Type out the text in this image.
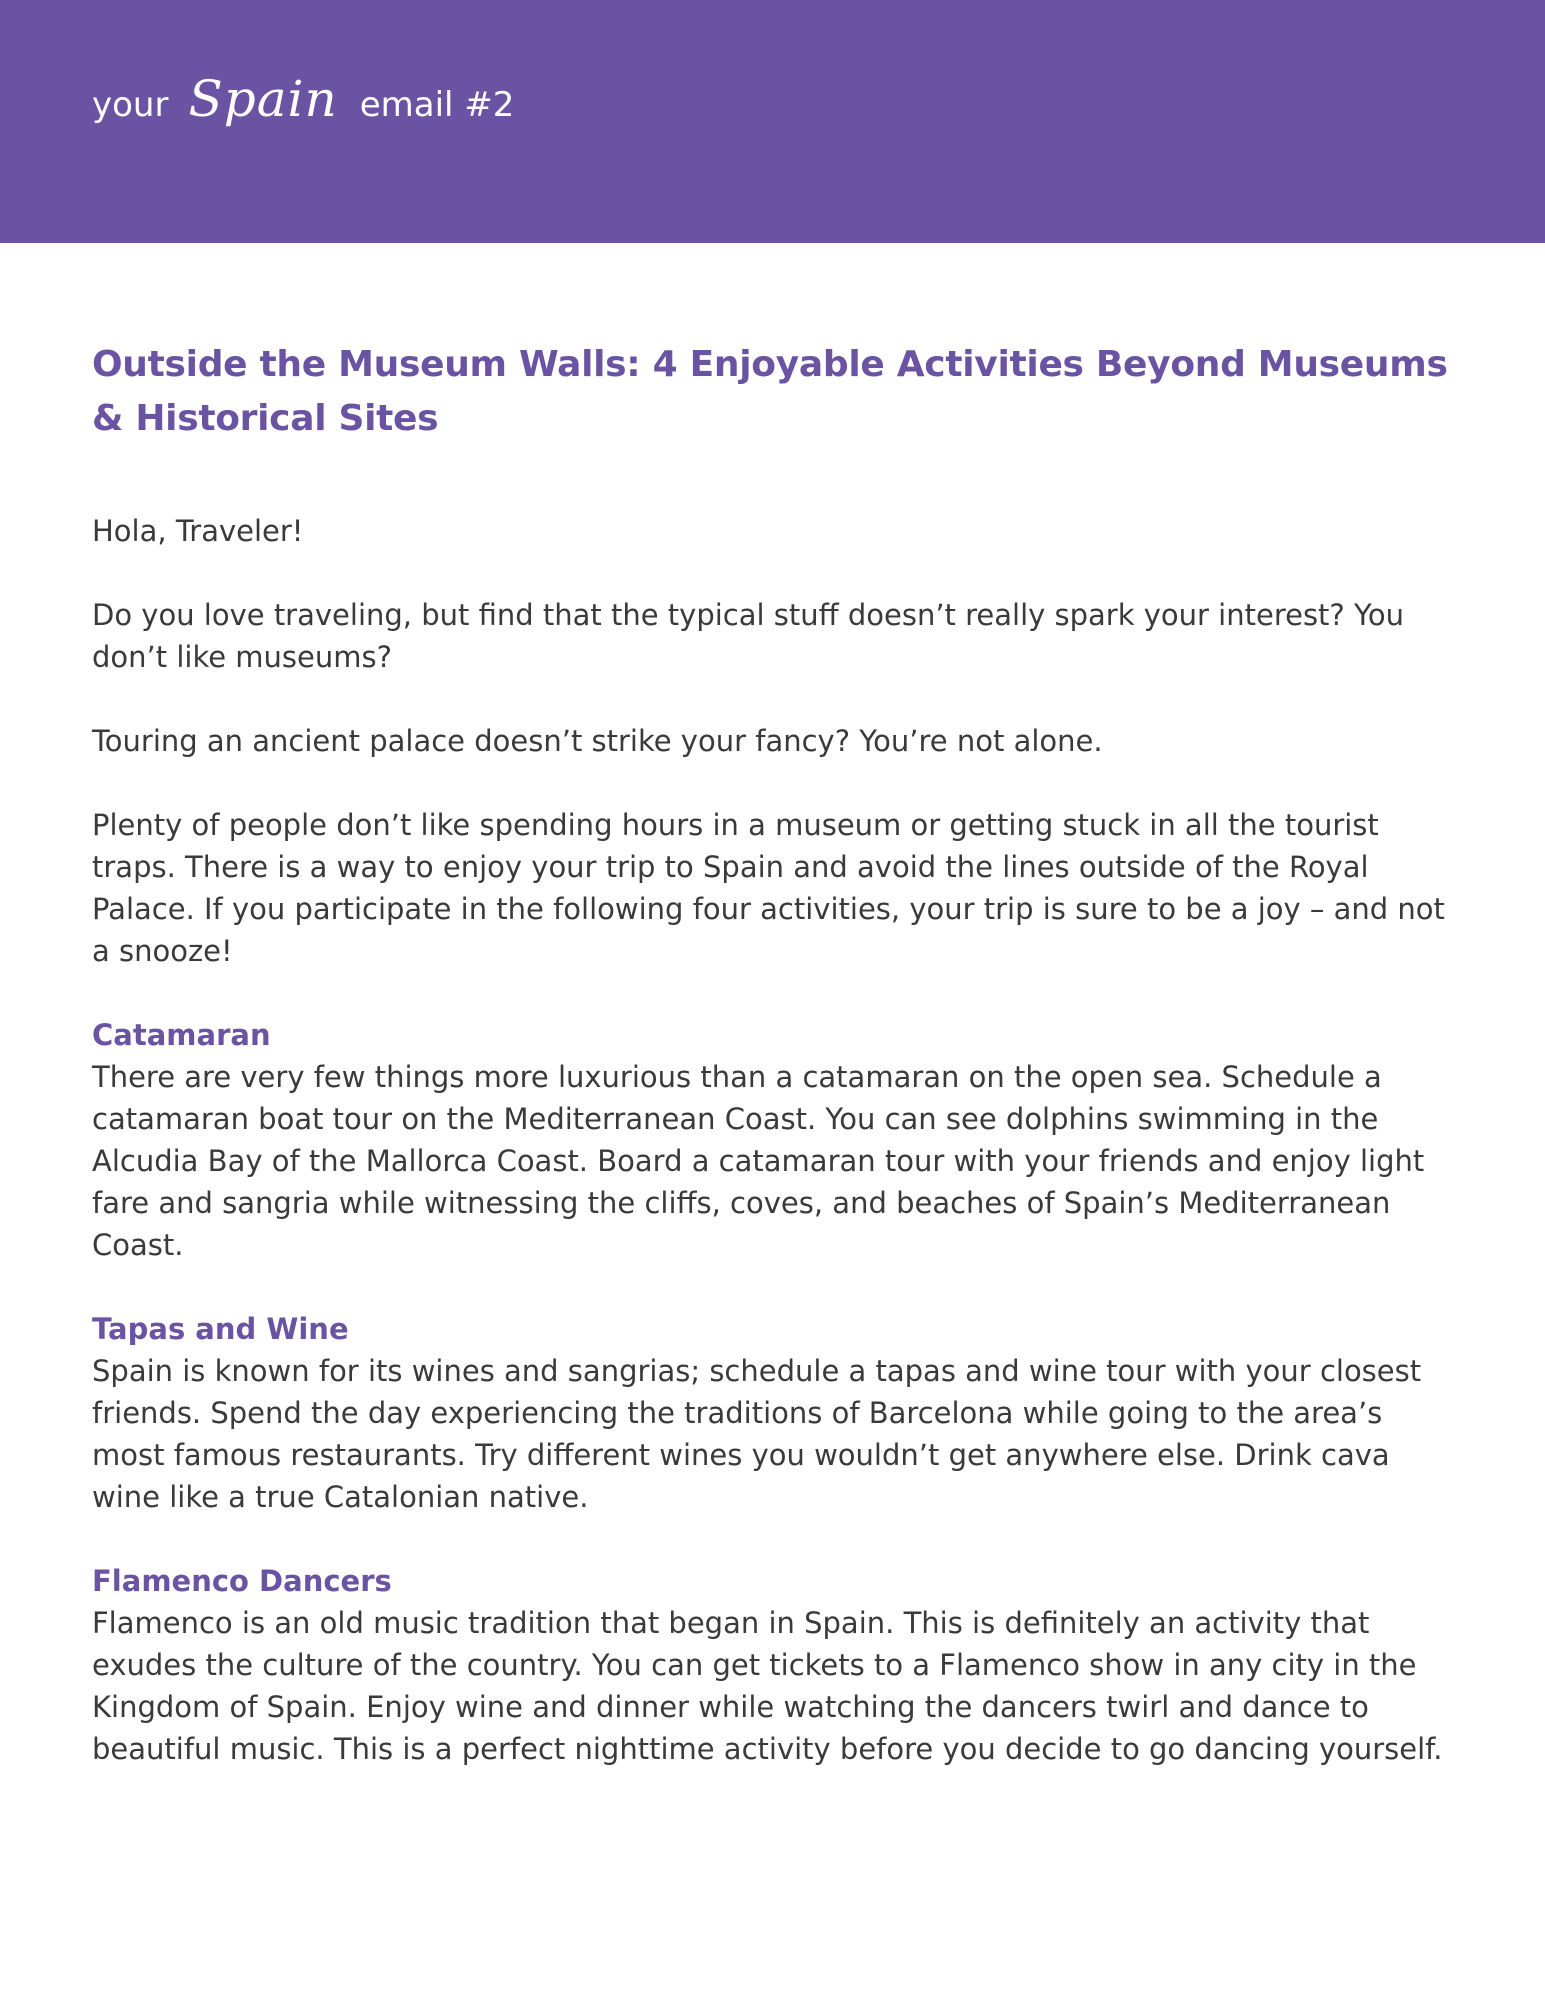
your Spain email #2
Outside the Museum Walls: 4 Enjoyable Activities Beyond Museums & Historical Sites

Hola, Traveler!

Do you love traveling, but find that the typical stuff doesn’t really spark your interest? You don’t like museums?

Touring an ancient palace doesn’t strike your fancy? You’re not alone.

Plenty of people don’t like spending hours in a museum or getting stuck in all the tourist traps. There is a way to enjoy your trip to Spain and avoid the lines outside of the Royal Palace. If you participate in the following four activities, your trip is sure to be a joy – and not a snooze!

Catamaran

There are very few things more luxurious than a catamaran on the open sea. Schedule a catamaran boat tour on the Mediterranean Coast. You can see dolphins swimming in the Alcudia Bay of the Mallorca Coast. Board a catamaran tour with your friends and enjoy light fare and sangria while witnessing the cliffs, coves, and beaches of Spain’s Mediterranean Coast.

Tapas and Wine

Spain is known for its wines and sangrias; schedule a tapas and wine tour with your closest friends. Spend the day experiencing the traditions of Barcelona while going to the area’s most famous restaurants. Try different wines you wouldn’t get anywhere else. Drink cava wine like a true Catalonian native.

Flamenco Dancers

Flamenco is an old music tradition that began in Spain. This is definitely an activity that exudes the culture of the country. You can get tickets to a Flamenco show in any city in the Kingdom of Spain. Enjoy wine and dinner while watching the dancers twirl and dance to beautiful music. This is a perfect nighttime activity before you decide to go dancing yourself.
